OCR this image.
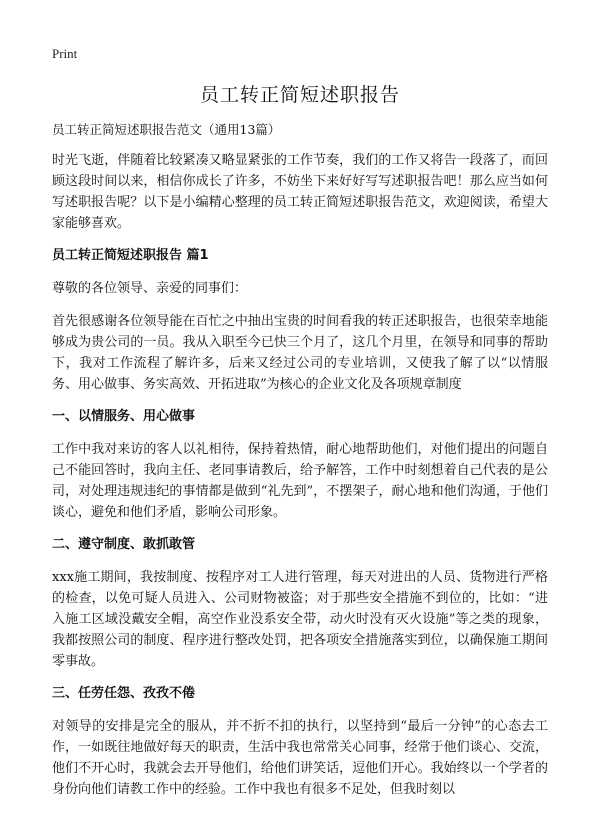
Print
员工转正简短述职报告
员工转正简短述职报告范文（通用13篇）

时光飞逝，伴随着比较紧凑又略显紧张的工作节奏，我们的工作又将告一段落了，而回顾这段时间以来，相信你成长了许多，不妨坐下来好好写写述职报告吧！那么应当如何写述职报告呢？以下是小编精心整理的员工转正简短述职报告范文，欢迎阅读，希望大家能够喜欢。

员工转正简短述职报告 篇1

尊敬的各位领导、亲爱的同事们：

首先很感谢各位领导能在百忙之中抽出宝贵的时间看我的转正述职报告，也很荣幸地能够成为贵公司的一员。我从入职至今已快三个月了，这几个月里，在领导和同事的帮助下，我对工作流程了解许多，后来又经过公司的专业培训，又使我了解了以“以情服务、用心做事、务实高效、开拓进取”为核心的企业文化及各项规章制度

一、以情服务、用心做事

工作中我对来访的客人以礼相待，保持着热情，耐心地帮助他们，对他们提出的问题自己不能回答时，我向主任、老同事请教后，给予解答，工作中时刻想着自己代表的是公司，对处理违规违纪的事情都是做到“礼先到”，不摆架子，耐心地和他们沟通，于他们谈心，避免和他们矛盾，影响公司形象。

二、遵守制度、敢抓敢管

xxx施工期间，我按制度、按程序对工人进行管理，每天对进出的人员、货物进行严格的检查，以免可疑人员进入、公司财物被盗；对于那些安全措施不到位的，比如：“进入施工区域没戴安全帽，高空作业没系安全带，动火时没有灭火设施”等之类的现象，我都按照公司的制度、程序进行整改处罚，把各项安全措施落实到位，以确保施工期间零事故。

三、任劳任怨、孜孜不倦

对领导的安排是完全的服从，并不折不扣的执行，以坚持到“最后一分钟”的心态去工作，一如既往地做好每天的职责，生活中我也常常关心同事，经常于他们谈心、交流，他们不开心时，我就会去开导他们，给他们讲笑话，逗他们开心。我始终以一个学者的身份向他们请教工作中的经验。工作中我也有很多不足处，但我时刻以
